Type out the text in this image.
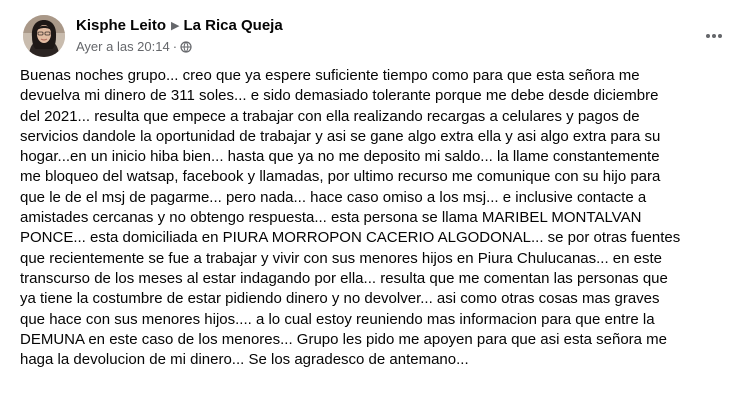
Kisphe Leito ▶ La Rica Queja
Ayer a las 20:14 ·

Buenas noches grupo... creo que ya espere suficiente tiempo como para que esta señora me

devuelva mi dinero de 311 soles... e sido demasiado tolerante porque me debe desde diciembre

del 2021... resulta que empece a trabajar con ella realizando recargas a celulares y pagos de

servicios dandole la oportunidad de trabajar y asi se gane algo extra ella y asi algo extra para su

hogar...en un inicio hiba bien... hasta que ya no me deposito mi saldo... la llame constantemente

me bloqueo del watsap, facebook y llamadas, por ultimo recurso me comunique con su hijo para

que le de el msj de pagarme... pero nada... hace caso omiso a los msj... e inclusive contacte a

amistades cercanas y no obtengo respuesta... esta persona se llama MARIBEL MONTALVAN

PONCE... esta domiciliada en PIURA MORROPON CACERIO ALGODONAL... se por otras fuentes

que recientemente se fue a trabajar y vivir con sus menores hijos en Piura Chulucanas... en este

transcurso de los meses al estar indagando por ella... resulta que me comentan las personas que

ya tiene la costumbre de estar pidiendo dinero y no devolver... asi como otras cosas mas graves

que hace con sus menores hijos.... a lo cual estoy reuniendo mas informacion para que entre la

DEMUNA en este caso de los menores... Grupo les pido me apoyen para que asi esta señora me

haga la devolucion de mi dinero... Se los agradesco de antemano...
